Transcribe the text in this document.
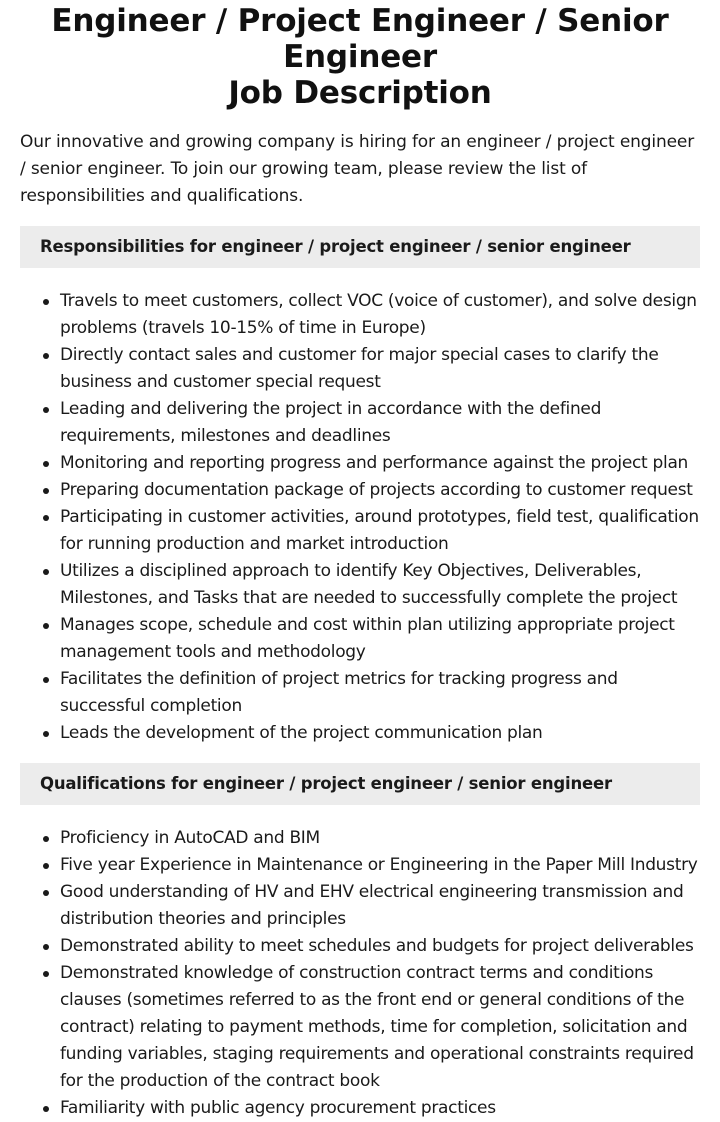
Engineer / Project Engineer / Senior Engineer
Job Description

Our innovative and growing company is hiring for an engineer / project engineer / senior engineer. To join our growing team, please review the list of responsibilities and qualifications.

Responsibilities for engineer / project engineer / senior engineer
Travels to meet customers, collect VOC (voice of customer), and solve design problems (travels 10-15% of time in Europe)
Directly contact sales and customer for major special cases to clarify the business and customer special request
Leading and delivering the project in accordance with the defined requirements, milestones and deadlines
Monitoring and reporting progress and performance against the project plan
Preparing documentation package of projects according to customer request
Participating in customer activities, around prototypes, field test, qualification for running production and market introduction
Utilizes a disciplined approach to identify Key Objectives, Deliverables, Milestones, and Tasks that are needed to successfully complete the project
Manages scope, schedule and cost within plan utilizing appropriate project management tools and methodology
Facilitates the definition of project metrics for tracking progress and successful completion
Leads the development of the project communication plan
Qualifications for engineer / project engineer / senior engineer
Proficiency in AutoCAD and BIM
Five year Experience in Maintenance or Engineering in the Paper Mill Industry
Good understanding of HV and EHV electrical engineering transmission and distribution theories and principles
Demonstrated ability to meet schedules and budgets for project deliverables
Demonstrated knowledge of construction contract terms and conditions clauses (sometimes referred to as the front end or general conditions of the contract) relating to payment methods, time for completion, solicitation and funding variables, staging requirements and operational constraints required for the production of the contract book
Familiarity with public agency procurement practices
